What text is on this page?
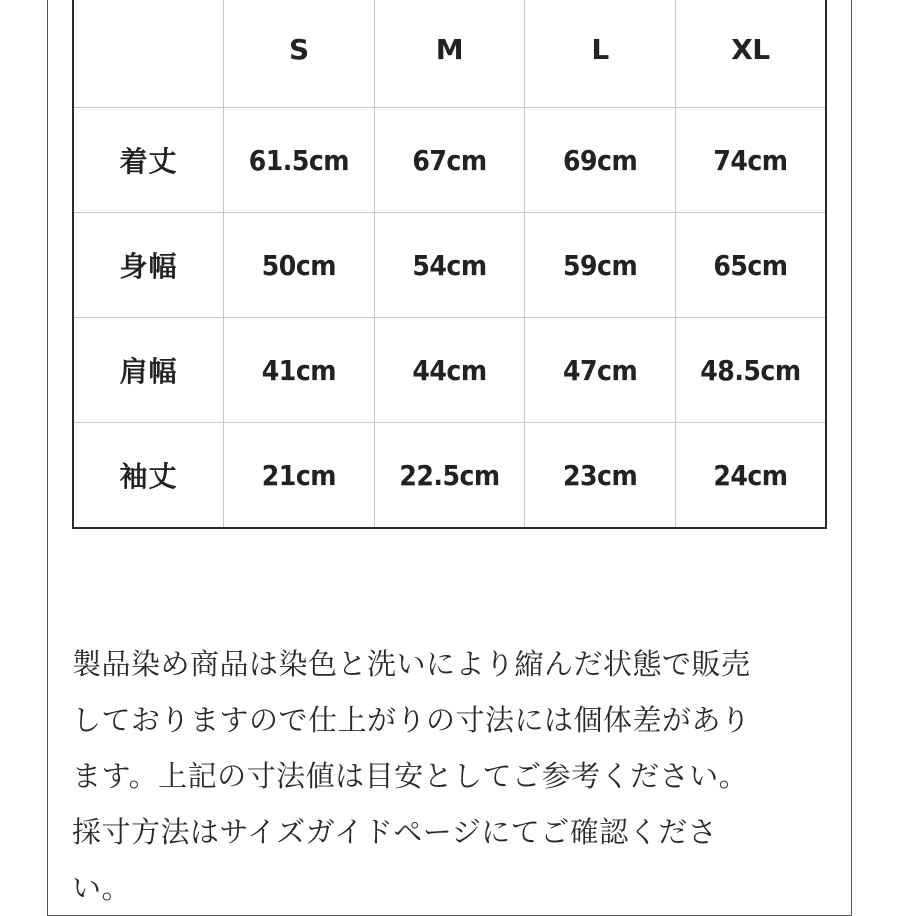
	S	M	L	XL
着丈	61.5cm	67cm	69cm	74cm
身幅	50cm	54cm	59cm	65cm
肩幅	41cm	44cm	47cm	48.5cm
袖丈	21cm	22.5cm	23cm	24cm

製品染め商品は染色と洗いにより縮んだ状態で販売

しておりますので仕上がりの寸法には個体差があり

ます。上記の寸法値は目安としてご参考ください。

採寸方法はサイズガイドページにてご確認くださ

い。
